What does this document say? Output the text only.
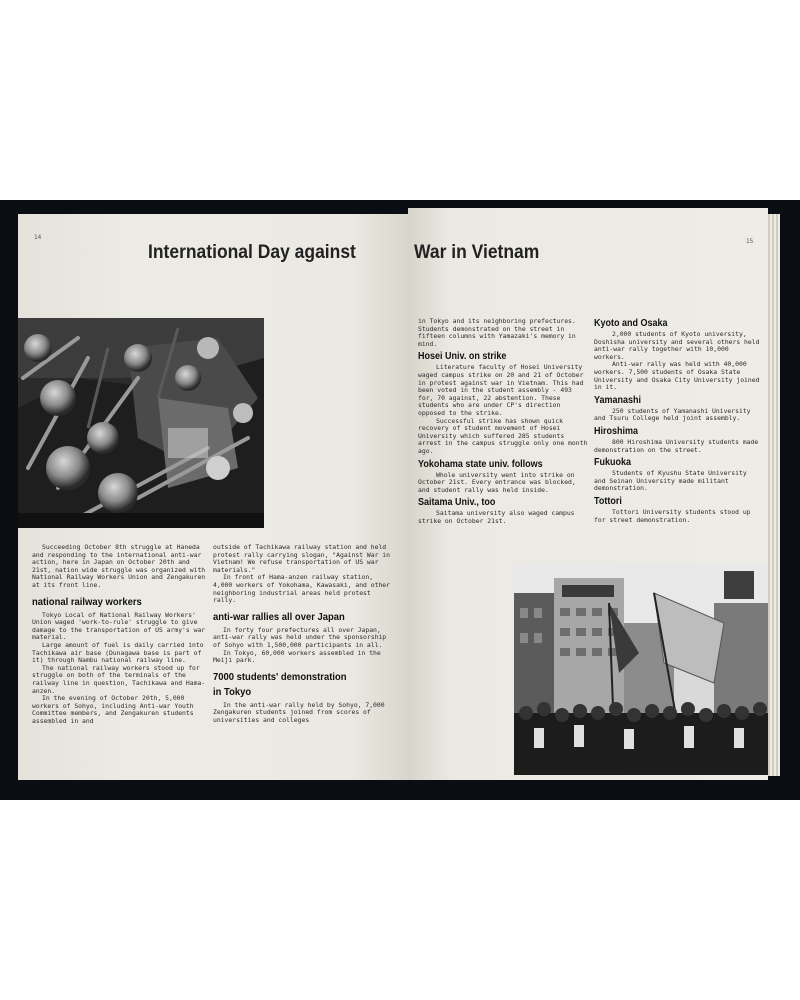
14
International Day against

Succeeding October 8th struggle at Haneda and responding to the international anti-war action, here in Japan on October 20th and 21st, nation wide struggle was organized with National Railway Workers Union and Zengakuren at its front line.

national railway workers

Tokyo Local of National Railway Workers' Union waged 'work-to-rule' struggle to give damage to the transportation of US army's war material.

Large amount of fuel is daily carried into Tachikawa air base (Dunagawa base is part of it) through Nambu national railway line.

The national railway workers stood up for struggle on both of the terminals of the railway line in question, Tachikawa and Hama-anzen.

In the evening of October 20th, 5,000 workers of Sohyo, including Anti-war Youth Committee members, and Zengakuren students assembled in and

outside of Tachikawa railway station and held protest rally carrying slogan, "Against War in Vietnam! We refuse transportation of US war materials."

In front of Hama-anzen railway station, 4,000 workers of Yokohama, Kawasaki, and other neighboring industrial areas held protest rally.

anti-war rallies all over Japan

In forty four prefectures all over Japan, anti-war rally was held under the sponsorship of Sohyo with 1,500,000 participants in all.

In Tokyo, 60,000 workers assembled in the Meiji park.

7000 students' demonstration
in Tokyo

In the anti-war rally held by Sohyo, 7,000 Zengakuren students joined from scores of universities and colleges

15
War in Vietnam

in Tokyo and its neighboring prefectures. Students demonstrated on the street in fifteen columns with Yamazaki's memory in mind.

Hosei Univ. on strike

Literature faculty of Hosei University waged campus strike on 20 and 21 of October in protest against war in Vietnam. This had been voted in the student assembly - 493 for, 70 against, 22 abstention. These students who are under CP's direction opposed to the strike.

Successful strike has shown quick recovery of student movement of Hosei University which suffered 285 students arrest in the campus struggle only one month ago.

Yokohama state univ. follows

Whole university went into strike on October 21st. Every entrance was blocked, and student rally was held inside.

Saitama Univ., too

Saitama university also waged campus strike on October 21st.

Kyoto and Osaka

2,000 students of Kyoto university, Doshisha university and several others held anti-war rally together with 10,000 workers.

Anti-war rally was held with 40,000 workers. 7,500 students of Osaka State University and Osaka City University joined in it.

Yamanashi

250 students of Yamanashi University and Tsuru College held joint assembly.

Hiroshima

800 Hiroshima University students made demonstration on the street.

Fukuoka

Students of Kyushu State University and Seinan University made militant demonstration.

Tottori

Tottori University students stood up for street demonstration.
